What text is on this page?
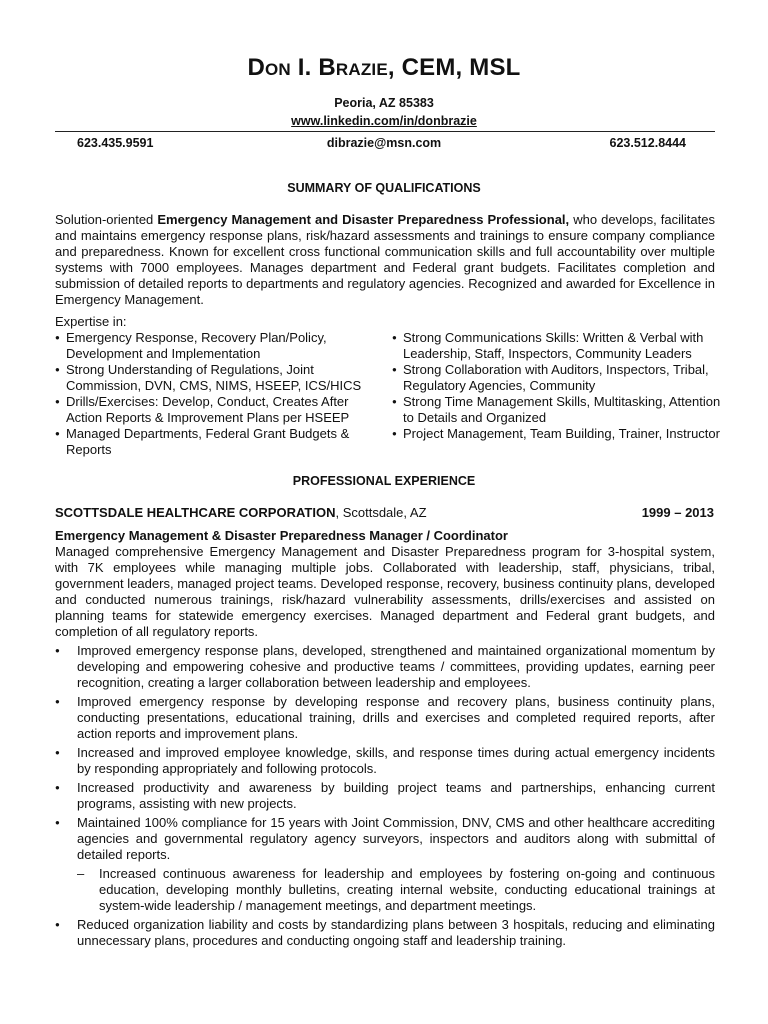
Don I. Brazie, CEM, MSL
Peoria, AZ 85383
www.linkedin.com/in/donbrazie
623.435.9591	dibrazie@msn.com	623.512.8444
SUMMARY OF QUALIFICATIONS
Solution-oriented Emergency Management and Disaster Preparedness Professional, who develops, facilitates and maintains emergency response plans, risk/hazard assessments and trainings to ensure company compliance and preparedness. Known for excellent cross functional communication skills and full accountability over multiple systems with 7000 employees. Manages department and Federal grant budgets. Facilitates completion and submission of detailed reports to departments and regulatory agencies. Recognized and awarded for Excellence in Emergency Management.
Expertise in:
● Emergency Response, Recovery Plan/Policy, Development and Implementation
● Strong Understanding of Regulations, Joint Commission, DVN, CMS, NIMS, HSEEP, ICS/HICS
● Drills/Exercises: Develop, Conduct, Creates After Action Reports & Improvement Plans per HSEEP
● Managed Departments, Federal Grant Budgets & Reports
● Strong Communications Skills: Written & Verbal with Leadership, Staff, Inspectors, Community Leaders
● Strong Collaboration with Auditors, Inspectors, Tribal, Regulatory Agencies, Community
● Strong Time Management Skills, Multitasking, Attention to Details and Organized
● Project Management, Team Building, Trainer, Instructor
PROFESSIONAL EXPERIENCE
SCOTTSDALE HEALTHCARE CORPORATION, Scottsdale, AZ	1999 – 2013
Emergency Management & Disaster Preparedness Manager / Coordinator
Managed comprehensive Emergency Management and Disaster Preparedness program for 3-hospital system, with 7K employees while managing multiple jobs. Collaborated with leadership, staff, physicians, tribal, government leaders, managed project teams. Developed response, recovery, business continuity plans, developed and conducted numerous trainings, risk/hazard vulnerability assessments, drills/exercises and assisted on planning teams for statewide emergency exercises. Managed department and Federal grant budgets, and completion of all regulatory reports.
● Improved emergency response plans, developed, strengthened and maintained organizational momentum by developing and empowering cohesive and productive teams / committees, providing updates, earning peer recognition, creating a larger collaboration between leadership and employees.
● Improved emergency response by developing response and recovery plans, business continuity plans, conducting presentations, educational training, drills and exercises and completed required reports, after action reports and improvement plans.
● Increased and improved employee knowledge, skills, and response times during actual emergency incidents by responding appropriately and following protocols.
● Increased productivity and awareness by building project teams and partnerships, enhancing current programs, assisting with new projects.
● Maintained 100% compliance for 15 years with Joint Commission, DNV, CMS and other healthcare accrediting agencies and governmental regulatory agency surveyors, inspectors and auditors along with submittal of detailed reports.
– Increased continuous awareness for leadership and employees by fostering on-going and continuous education, developing monthly bulletins, creating internal website, conducting educational trainings at system-wide leadership / management meetings, and department meetings.
● Reduced organization liability and costs by standardizing plans between 3 hospitals, reducing and eliminating unnecessary plans, procedures and conducting ongoing staff and leadership training.
